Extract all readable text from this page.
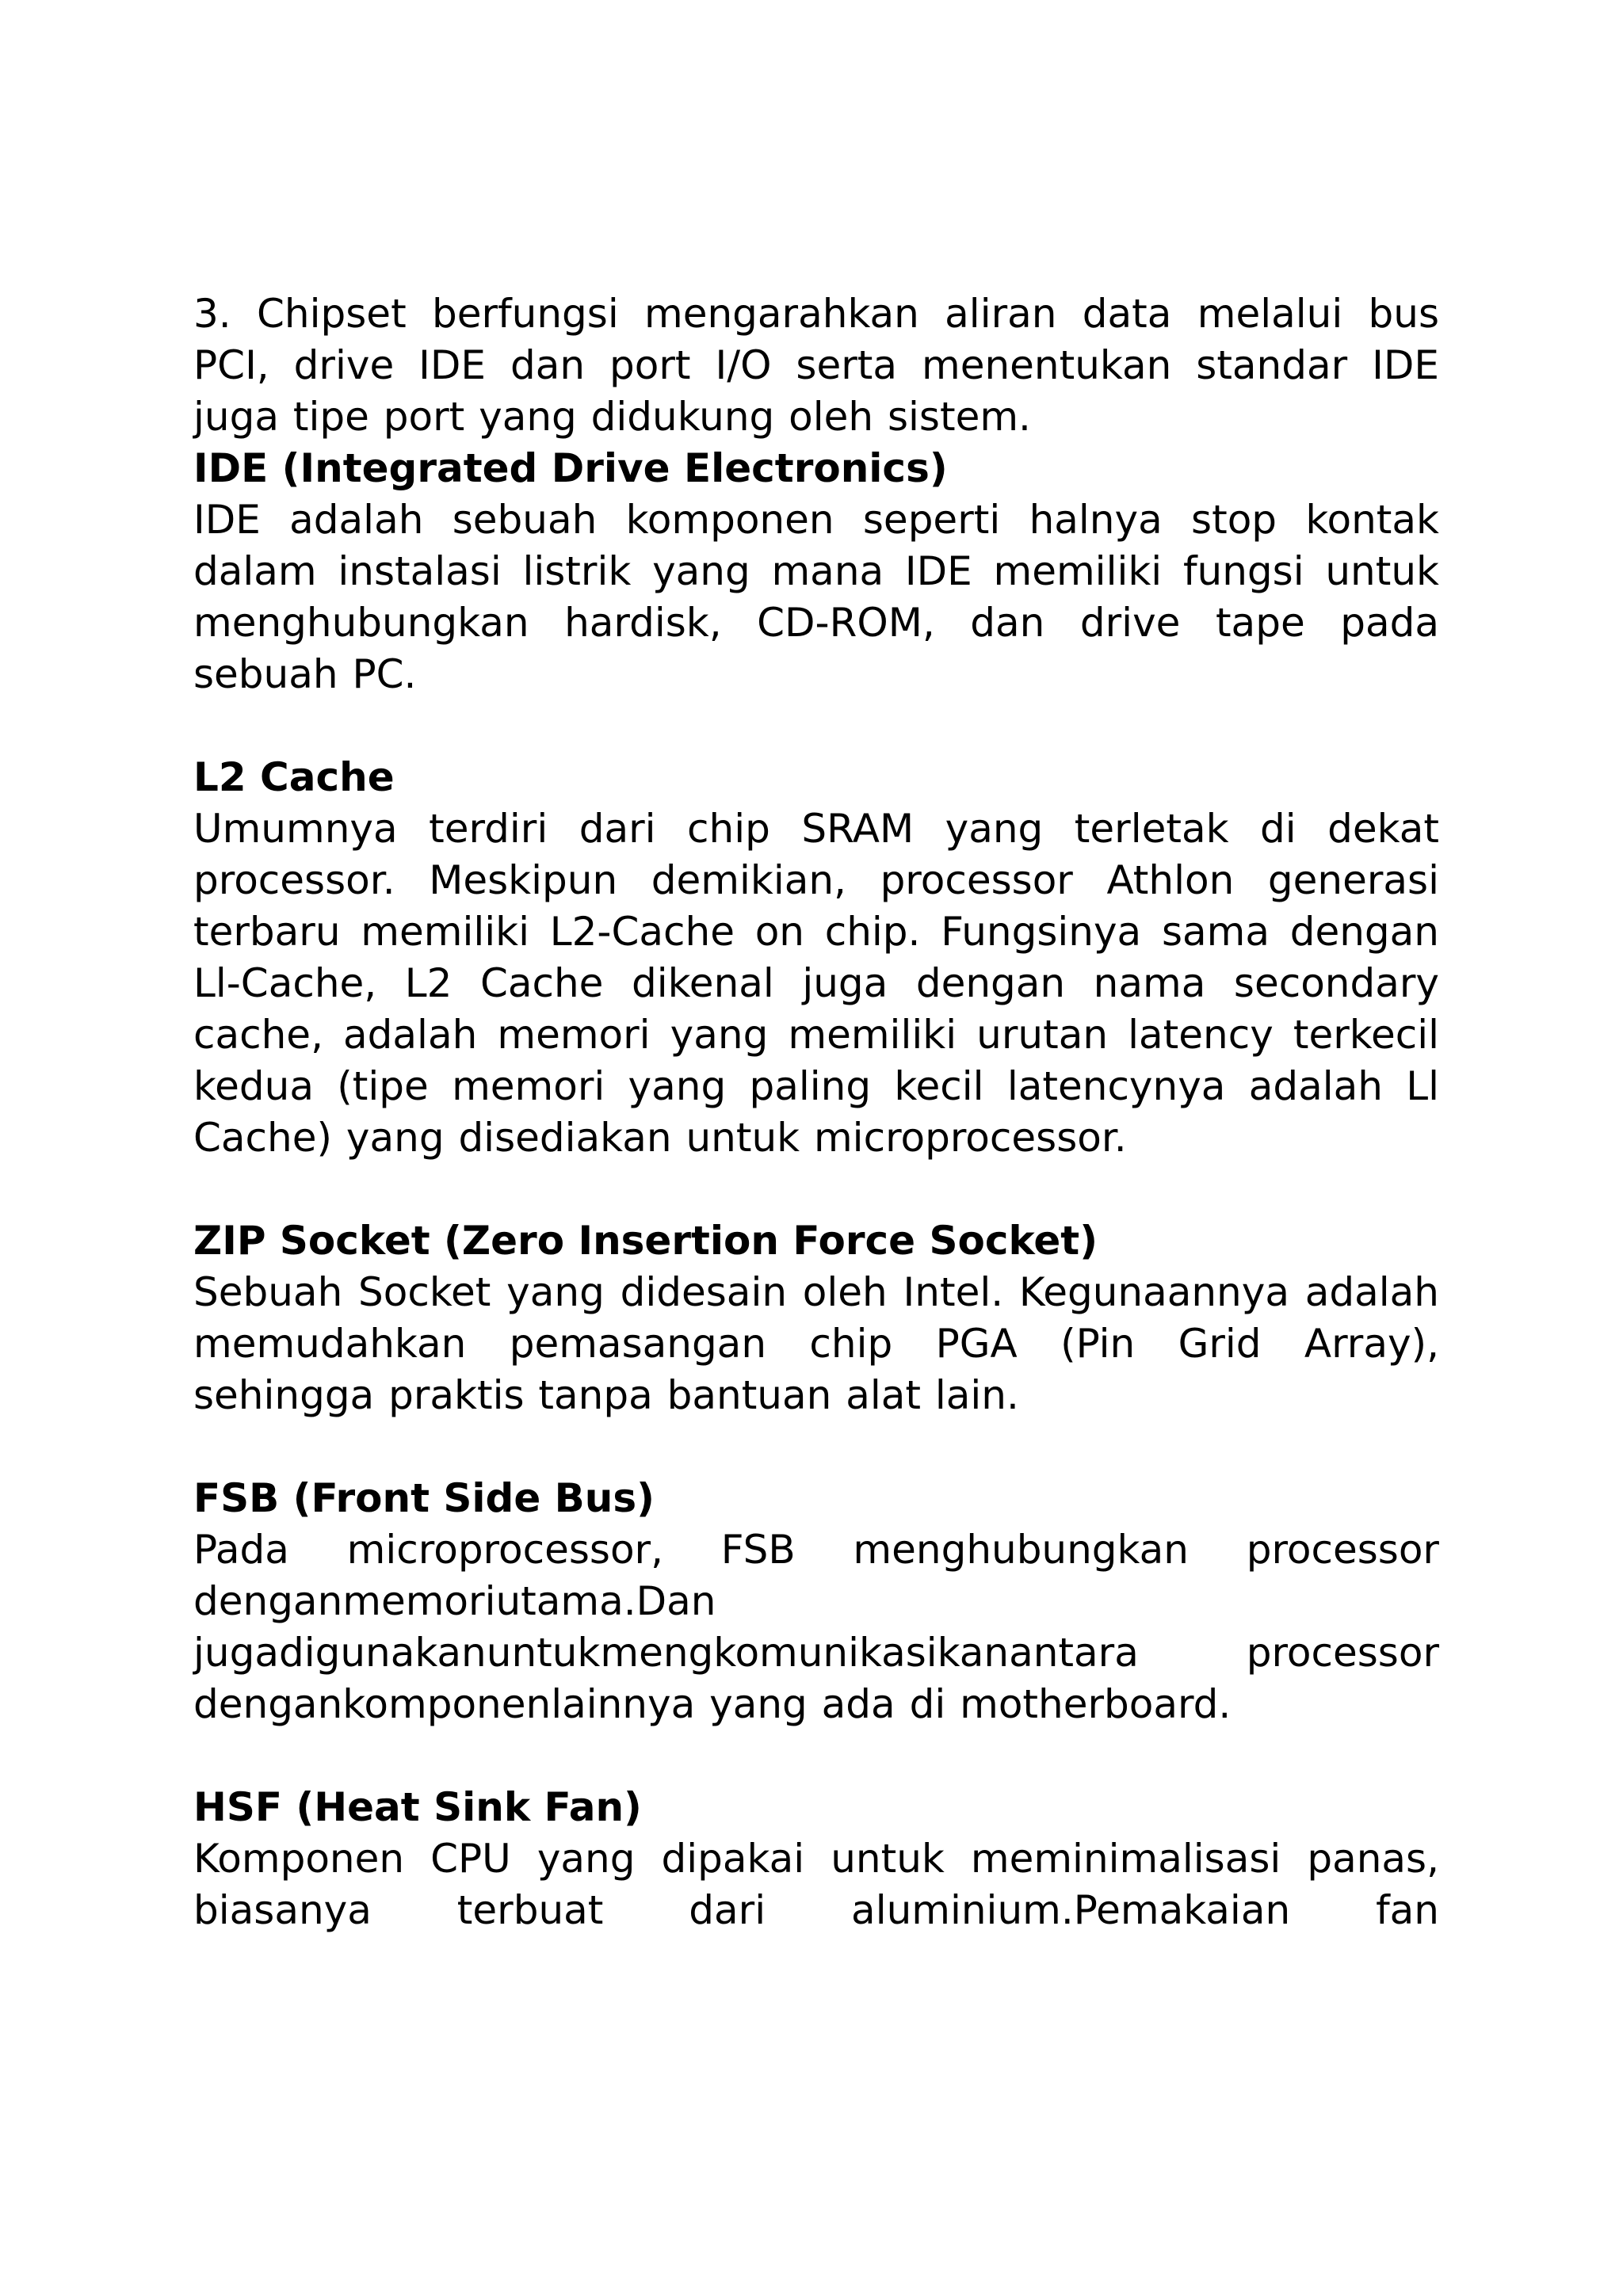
3. Chipset berfungsi mengarahkan aliran data melalui bus PCI, drive IDE dan port I/O serta menentukan standar IDE juga tipe port yang didukung oleh sistem.

IDE (Integrated Drive Electronics)

IDE adalah sebuah komponen seperti halnya stop kontak dalam instalasi listrik yang mana IDE memiliki fungsi untuk menghubungkan hardisk, CD-ROM, dan drive tape pada sebuah PC.

L2 Cache

Umumnya terdiri dari chip SRAM yang terletak di dekat processor. Meskipun demikian, processor Athlon generasi terbaru memiliki L2-Cache on chip. Fungsinya sama dengan Ll-Cache, L2 Cache dikenal juga dengan nama secondary cache, adalah memori yang memiliki urutan latency terkecil kedua (tipe memori yang paling kecil latencynya adalah Ll Cache) yang disediakan untuk microprocessor.

ZIP Socket (Zero Insertion Force Socket)

Sebuah Socket yang didesain oleh Intel. Kegunaannya adalah memudahkan pemasangan chip PGA (Pin Grid Array), sehingga praktis tanpa bantuan alat lain.

FSB (Front Side Bus)

Pada microprocessor, FSB menghubungkan processor

denganmemoriutama.Dan

jugadigunakanuntukmengkomunikasikanantara processor

dengankomponenlainnya yang ada di motherboard.

HSF (Heat Sink Fan)

Komponen CPU yang dipakai untuk meminimalisasi panas, biasanya terbuat dari aluminium.Pemakaian fan
